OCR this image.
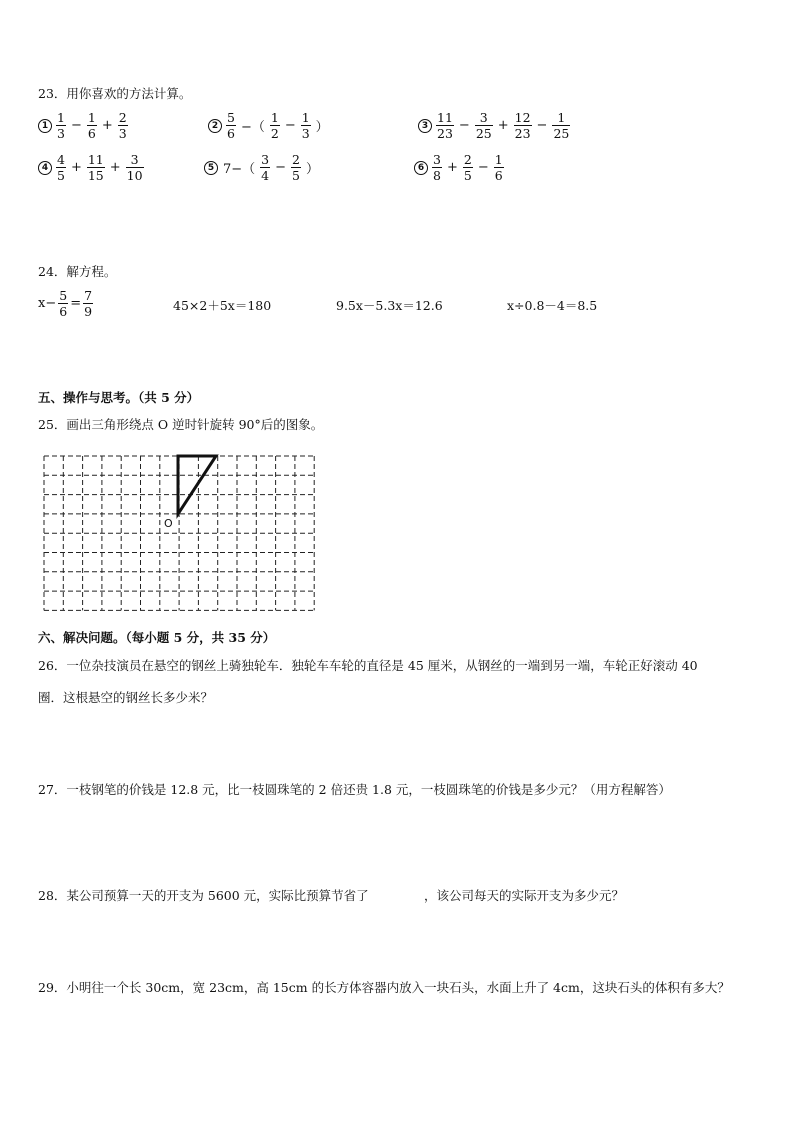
23．用你喜欢的方法计算。
$1 \frac{1}{3} - \frac{1}{6} + \frac{2}{3}$	$2 \frac{5}{6}$ −（ $\frac{1}{2} - \frac{1}{3}$ ）	$3 \frac{11}{23} - \frac{3}{25} + \frac{12}{23} - \frac{1}{25}$
$4 \frac{4}{5} + \frac{11}{15} + \frac{3}{10}$	5 $7-( \frac{3}{4} - \frac{2}{5}$ ）	$6 \frac{3}{8} + \frac{2}{5} - \frac{1}{6}$
24．解方程。
$x- \frac{5}{6} = \frac{7}{9}$	45×2＋5x＝180	9.5x－5.3x＝12.6	x÷0.8－4＝8.5
五、操作与思考。（共 5 分）
25．画出三角形绕点 O 逆时针旋转 90°后的图象。
O
六、解决问题。（每小题 5 分，共 35 分）
26．一位杂技演员在悬空的钢丝上骑独轮车．独轮车车轮的直径是 45 厘米，从钢丝的一端到另一端，车轮正好滚动 40
圈．这根悬空的钢丝长多少米？
27．一枝钢笔的价钱是 12.8 元，比一枝圆珠笔的 2 倍还贵 1.8 元，一枝圆珠笔的价钱是多少元？（用方程解答）
28．某公司预算一天的开支为 5600 元，实际比预算节省了	，该公司每天的实际开支为多少元？
29．小明往一个长 30cm，宽 23cm，高 15cm 的长方体容器内放入一块石头，水面上升了 4cm，这块石头的体积有多大？
